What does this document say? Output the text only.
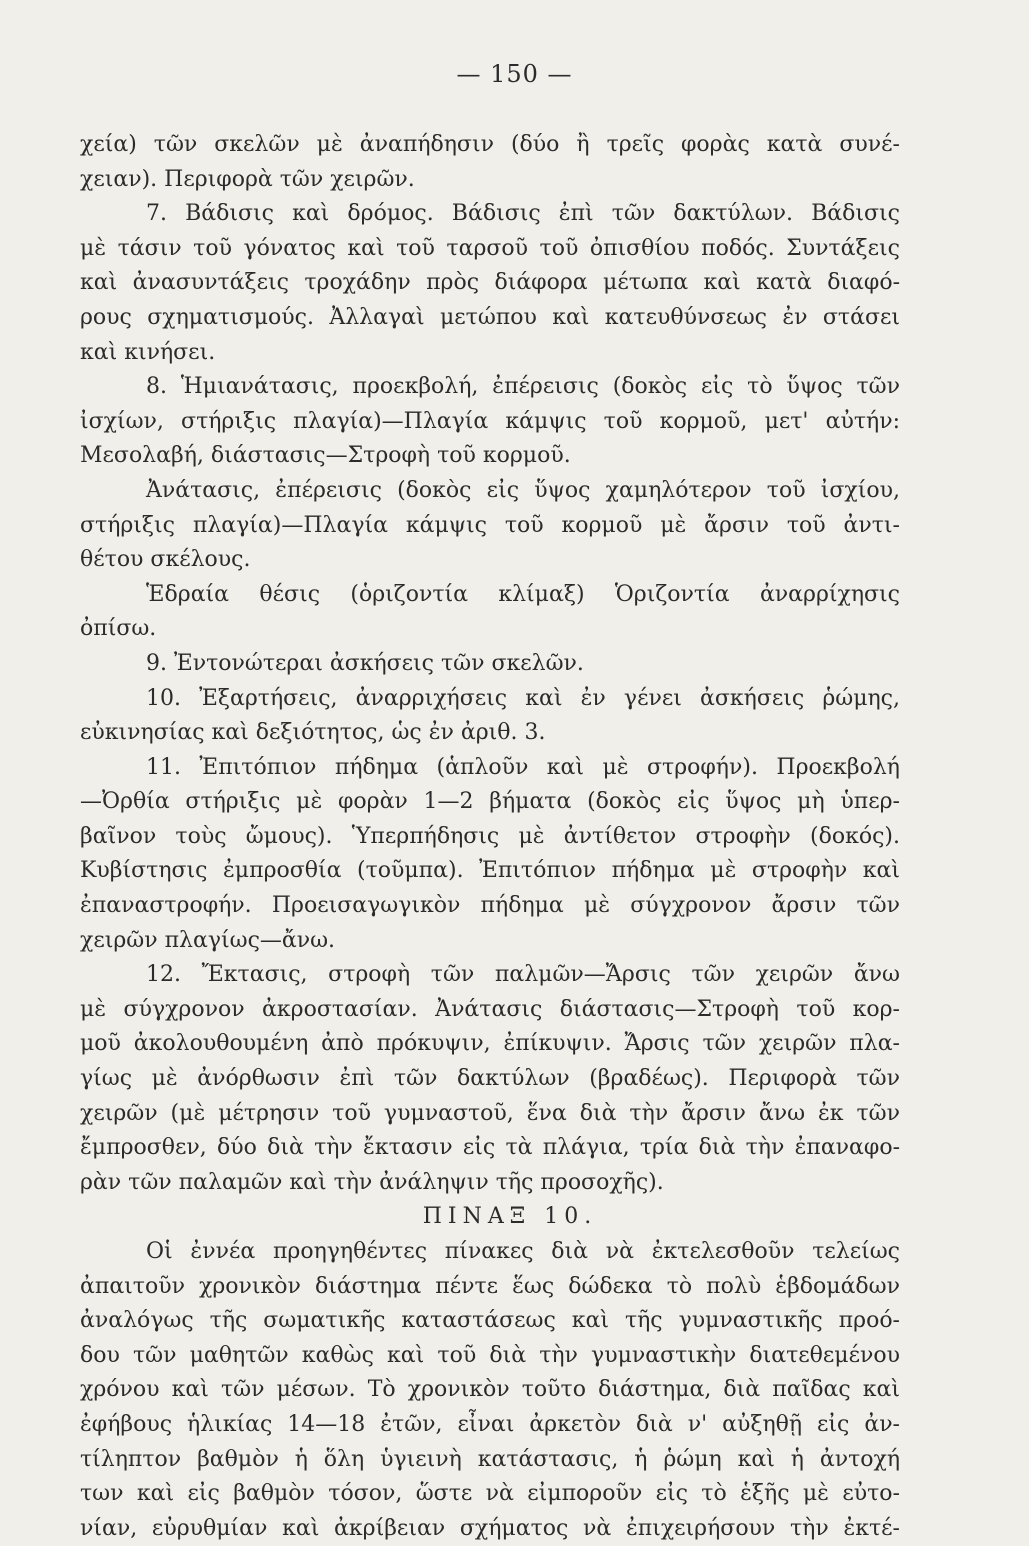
— 150 —
χεία) τῶν σκελῶν μὲ ἀναπήδησιν (δύο ἢ τρεῖς φορὰς κατὰ συνέ-
χειαν). Περιφορὰ τῶν χειρῶν.
7. Βάδισις καὶ δρόμος. Βάδισις ἐπὶ τῶν δακτύλων. Βάδισις
μὲ τάσιν τοῦ γόνατος καὶ τοῦ ταρσοῦ τοῦ ὀπισθίου ποδός. Συντάξεις
καὶ ἀνασυντάξεις τροχάδην πρὸς διάφορα μέτωπα καὶ κατὰ διαφό-
ρους σχηματισμούς. Ἀλλαγαὶ μετώπου καὶ κατευθύνσεως ἐν στάσει
καὶ κινήσει.
8. Ἡμιανάτασις, προεκβολή, ἐπέρεισις (δοκὸς εἰς τὸ ὕψος τῶν
ἰσχίων, στήριξις πλαγία)—Πλαγία κάμψις τοῦ κορμοῦ, μετ' αὐτήν:
Μεσολαβή, διάστασις—Στροφὴ τοῦ κορμοῦ.
Ἀνάτασις, ἐπέρεισις (δοκὸς εἰς ὕψος χαμηλότερον τοῦ ἰσχίου,
στήριξις πλαγία)—Πλαγία κάμψις τοῦ κορμοῦ μὲ ἄρσιν τοῦ ἀντι-
θέτου σκέλους.
Ἑδραία θέσις (ὁριζοντία κλίμαξ) Ὁριζοντία ἀναρρίχησις
ὀπίσω.
9. Ἐντονώτεραι ἀσκήσεις τῶν σκελῶν.
10. Ἐξαρτήσεις, ἀναρριχήσεις καὶ ἐν γένει ἀσκήσεις ῥώμης,
εὐκινησίας καὶ δεξιότητος, ὡς ἐν ἀριθ. 3.
11. Ἐπιτόπιον πήδημα (ἁπλοῦν καὶ μὲ στροφήν). Προεκβολή
—Ὀρθία στήριξις μὲ φορὰν 1—2 βήματα (δοκὸς εἰς ὕψος μὴ ὑπερ-
βαῖνον τοὺς ὤμους). Ὑπερπήδησις μὲ ἀντίθετον στροφὴν (δοκός).
Κυβίστησις ἐμπροσθία (τοῦμπα). Ἐπιτόπιον πήδημα μὲ στροφὴν καὶ
ἐπαναστροφήν. Προεισαγωγικὸν πήδημα μὲ σύγχρονον ἄρσιν τῶν
χειρῶν πλαγίως—ἄνω.
12. Ἔκτασις, στροφὴ τῶν παλμῶν—Ἄρσις τῶν χειρῶν ἄνω
μὲ σύγχρονον ἀκροστασίαν. Ἀνάτασις διάστασις—Στροφὴ τοῦ κορ-
μοῦ ἀκολουθουμένη ἀπὸ πρόκυψιν, ἐπίκυψιν. Ἄρσις τῶν χειρῶν πλα-
γίως μὲ ἀνόρθωσιν ἐπὶ τῶν δακτύλων (βραδέως). Περιφορὰ τῶν
χειρῶν (μὲ μέτρησιν τοῦ γυμναστοῦ, ἕνα διὰ τὴν ἄρσιν ἄνω ἐκ τῶν
ἔμπροσθεν, δύο διὰ τὴν ἔκτασιν εἰς τὰ πλάγια, τρία διὰ τὴν ἐπαναφο-
ρὰν τῶν παλαμῶν καὶ τὴν ἀνάληψιν τῆς προσοχῆς).
ΠΙΝΑΞ 10.
Οἱ ἐννέα προηγηθέντες πίνακες διὰ νὰ ἐκτελεσθοῦν τελείως
ἀπαιτοῦν χρονικὸν διάστημα πέντε ἕως δώδεκα τὸ πολὺ ἑβδομάδων
ἀναλόγως τῆς σωματικῆς καταστάσεως καὶ τῆς γυμναστικῆς προό-
δου τῶν μαθητῶν καθὼς καὶ τοῦ διὰ τὴν γυμναστικὴν διατεθεμένου
χρόνου καὶ τῶν μέσων. Τὸ χρονικὸν τοῦτο διάστημα, διὰ παῖδας καὶ
ἐφήβους ἡλικίας 14—18 ἐτῶν, εἶναι ἀρκετὸν διὰ ν' αὐξηθῇ εἰς ἀν-
τίληπτον βαθμὸν ἡ ὅλη ὑγιεινὴ κατάστασις, ἡ ῥώμη καὶ ἡ ἀντοχή
των καὶ εἰς βαθμὸν τόσον, ὥστε νὰ εἰμποροῦν εἰς τὸ ἑξῆς μὲ εὐτο-
νίαν, εὐρυθμίαν καὶ ἀκρίβειαν σχήματος νὰ ἐπιχειρήσουν τὴν ἐκτέ-
